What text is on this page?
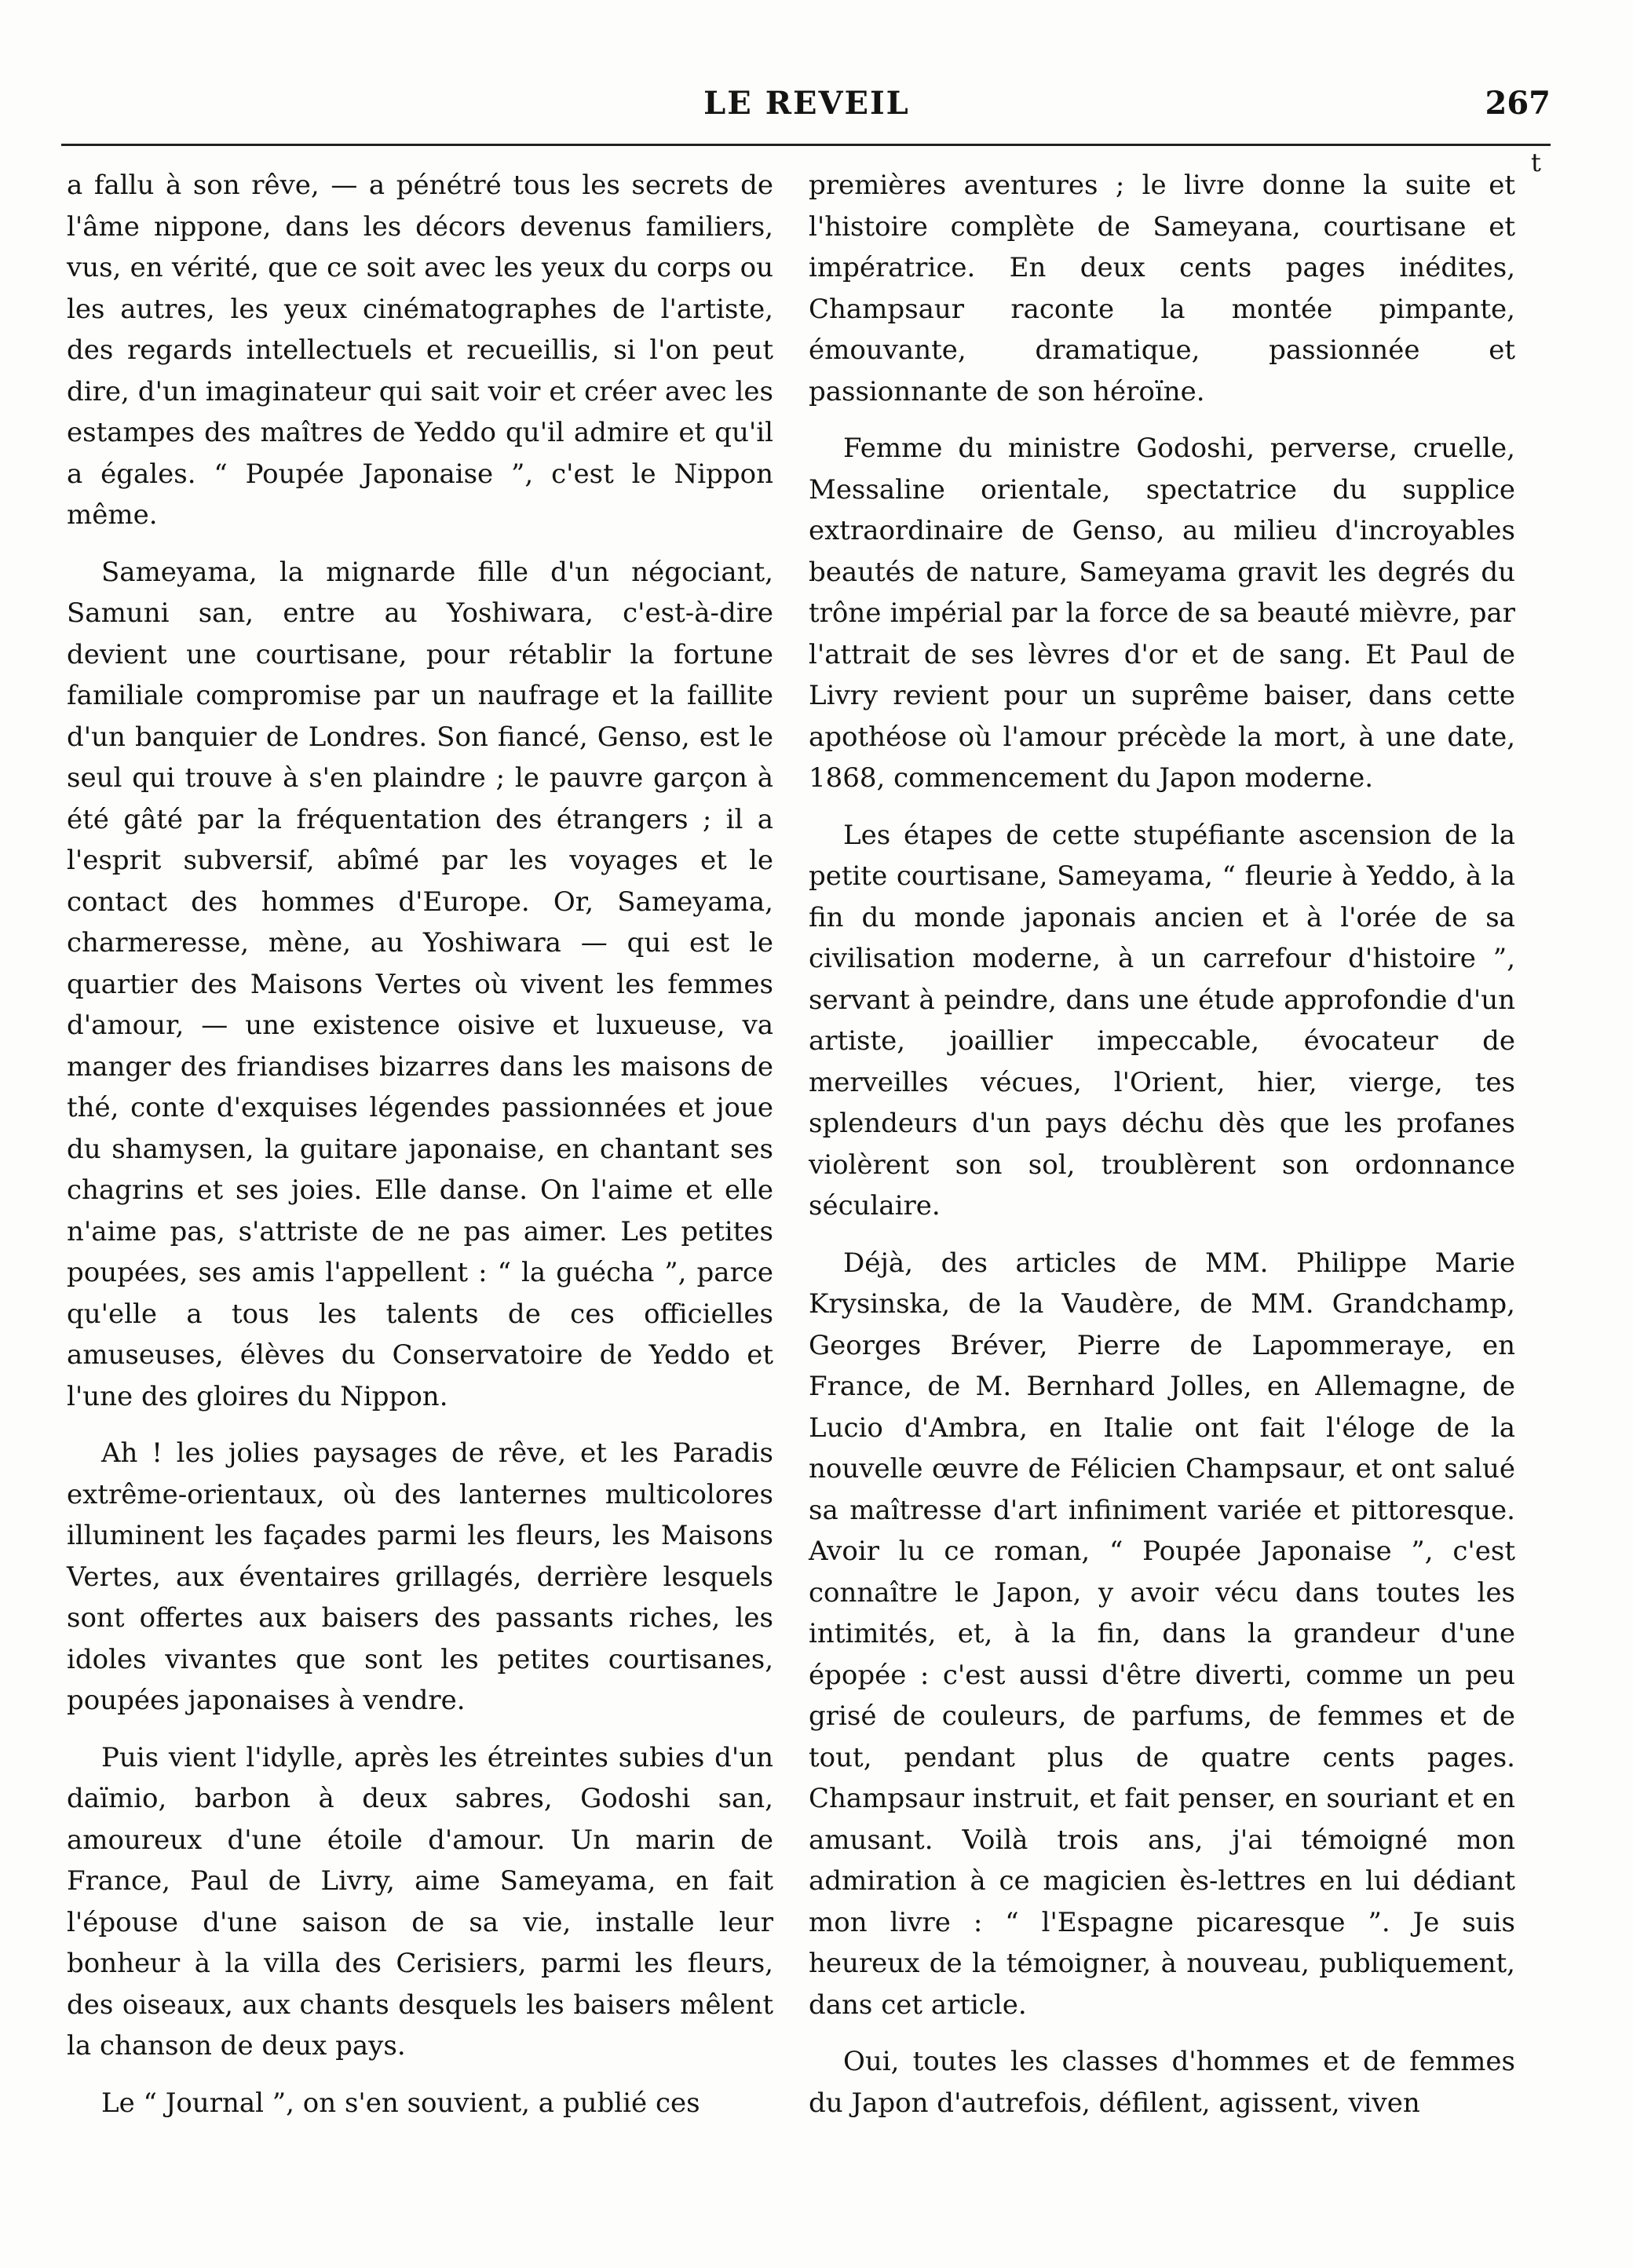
LE REVEIL	267
t

a fallu à son rêve, — a pénétré tous les secrets de l'âme nippone, dans les décors devenus familiers, vus, en vérité, que ce soit avec les yeux du corps ou les autres, les yeux cinématographes de l'artiste, des regards intellectuels et recueillis, si l'on peut dire, d'un imaginateur qui sait voir et créer avec les estampes des maîtres de Yeddo qu'il admire et qu'il a égales. “ Poupée Japonaise ”, c'est le Nippon même.

Sameyama, la mignarde fille d'un négociant, Samuni san, entre au Yoshiwara, c'est-à-dire devient une courtisane, pour rétablir la fortune familiale compromise par un naufrage et la faillite d'un banquier de Londres. Son fiancé, Genso, est le seul qui trouve à s'en plaindre ; le pauvre garçon à été gâté par la fréquentation des étrangers ; il a l'esprit subversif, abîmé par les voyages et le contact des hommes d'Europe. Or, Sameyama, charmeresse, mène, au Yoshiwara — qui est le quartier des Maisons Vertes où vivent les femmes d'amour, — une existence oisive et luxueuse, va manger des friandises bizarres dans les maisons de thé, conte d'exquises légendes passionnées et joue du shamysen, la guitare japonaise, en chantant ses chagrins et ses joies. Elle danse. On l'aime et elle n'aime pas, s'attriste de ne pas aimer. Les petites poupées, ses amis l'appellent : “ la guécha ”, parce qu'elle a tous les talents de ces officielles amuseuses, élèves du Conservatoire de Yeddo et l'une des gloires du Nippon.

Ah ! les jolies paysages de rêve, et les Paradis extrême-orientaux, où des lanternes multicolores illuminent les façades parmi les fleurs, les Maisons Vertes, aux éventaires grillagés, derrière lesquels sont offertes aux baisers des passants riches, les idoles vivantes que sont les petites courtisanes, poupées japonaises à vendre.

Puis vient l'idylle, après les étreintes subies d'un daïmio, barbon à deux sabres, Godoshi san, amoureux d'une étoile d'amour. Un marin de France, Paul de Livry, aime Sameyama, en fait l'épouse d'une saison de sa vie, installe leur bonheur à la villa des Cerisiers, parmi les fleurs, des oiseaux, aux chants desquels les baisers mêlent la chanson de deux pays.

Le “ Journal ”, on s'en souvient, a publié ces

premières aventures ; le livre donne la suite et l'histoire complète de Sameyana, courtisane et impératrice. En deux cents pages inédites, Champsaur raconte la montée pimpante, émouvante, dramatique, passionnée et passionnante de son héroïne.

Femme du ministre Godoshi, perverse, cruelle, Messaline orientale, spectatrice du supplice extraordinaire de Genso, au milieu d'incroyables beautés de nature, Sameyama gravit les degrés du trône impérial par la force de sa beauté mièvre, par l'attrait de ses lèvres d'or et de sang. Et Paul de Livry revient pour un suprême baiser, dans cette apothéose où l'amour précède la mort, à une date, 1868, commencement du Japon moderne.

Les étapes de cette stupéfiante ascension de la petite courtisane, Sameyama, “ fleurie à Yeddo, à la fin du monde japonais ancien et à l'orée de sa civilisation moderne, à un carrefour d'histoire ”, servant à peindre, dans une étude approfondie d'un artiste, joaillier impeccable, évocateur de merveilles vécues, l'Orient, hier, vierge, tes splendeurs d'un pays déchu dès que les profanes violèrent son sol, troublèrent son ordonnance séculaire.

Déjà, des articles de MM. Philippe Marie Krysinska, de la Vaudère, de MM. Grandchamp, Georges Bréver, Pierre de Lapommeraye, en France, de M. Bernhard Jolles, en Allemagne, de Lucio d'Ambra, en Italie ont fait l'éloge de la nouvelle œuvre de Félicien Champsaur, et ont salué sa maîtresse d'art infiniment variée et pittoresque. Avoir lu ce roman, “ Poupée Japonaise ”, c'est connaître le Japon, y avoir vécu dans toutes les intimités, et, à la fin, dans la grandeur d'une épopée : c'est aussi d'être diverti, comme un peu grisé de couleurs, de parfums, de femmes et de tout, pendant plus de quatre cents pages. Champsaur instruit, et fait penser, en souriant et en amusant. Voilà trois ans, j'ai témoigné mon admiration à ce magicien ès-lettres en lui dédiant mon livre : “ l'Espagne picaresque ”. Je suis heureux de la témoigner, à nouveau, publiquement, dans cet article.

Oui, toutes les classes d'hommes et de femmes du Japon d'autrefois, défilent, agissent, viven
